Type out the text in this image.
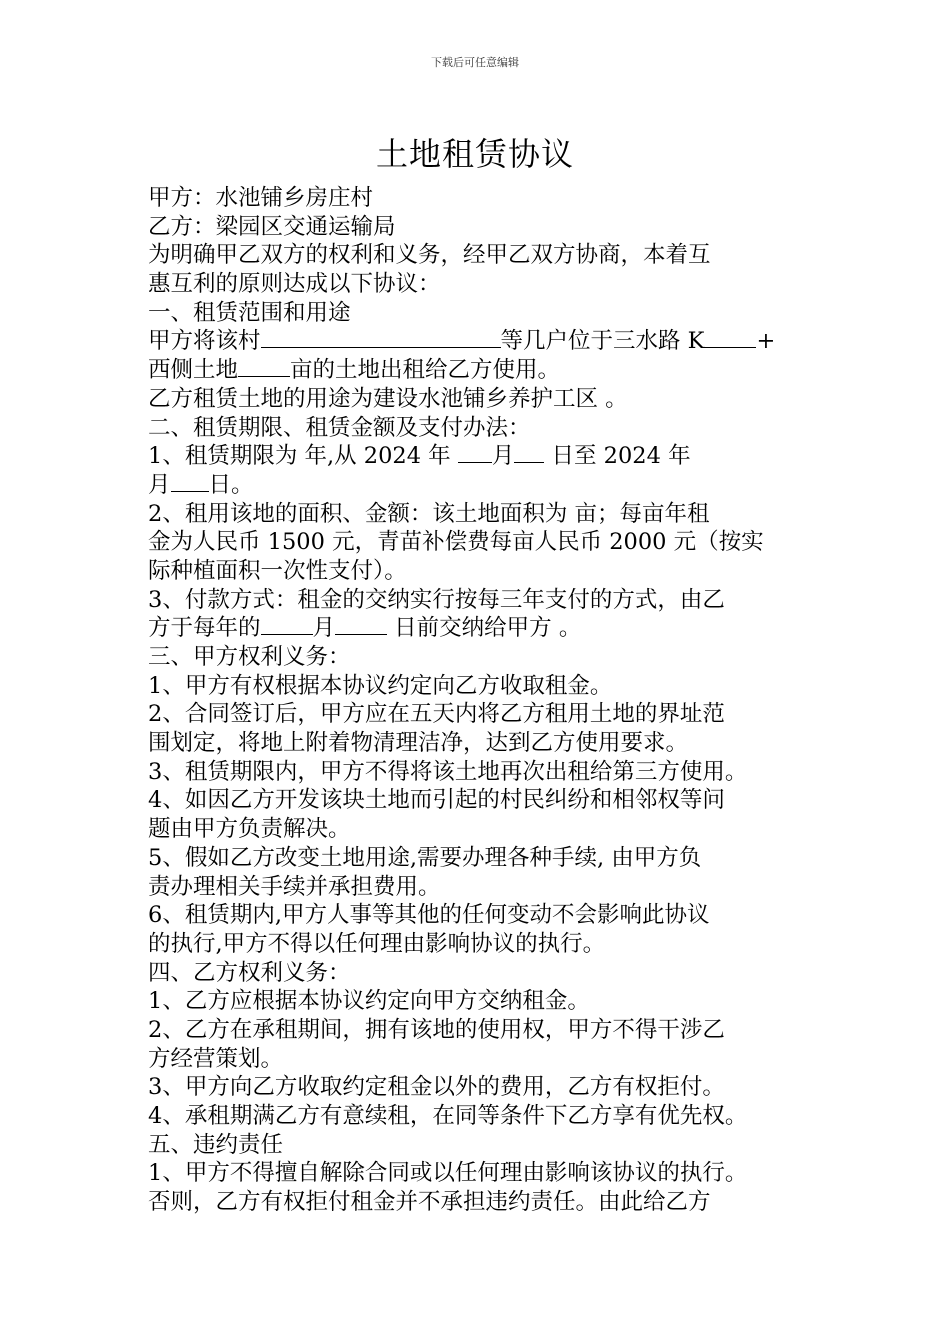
下载后可任意编辑
土地租赁协议
甲方：水池铺乡房庄村
乙方：梁园区交通运输局
为明确甲乙双方的权利和义务，经甲乙双方协商，本着互
惠互利的原则达成以下协议：
一、租赁范围和用途
甲方将该村	等几户位于三水路 K +
西侧土地 亩的土地出租给乙方使用。
乙方租赁土地的用途为建设水池铺乡养护工区 。
二、租赁期限、租赁金额及支付办法：
1、租赁期限为 年,从 2024 年 月 日至 2024 年
月 日。
2、租用该地的面积、金额：该土地面积为 亩；每亩年租
金为人民币 1500 元，青苗补偿费每亩人民币 2000 元（按实
际种植面积一次性支付）。
3、付款方式：租金的交纳实行按每三年支付的方式，由乙
方于每年的 月 日前交纳给甲方 。
三、甲方权利义务：
1、甲方有权根据本协议约定向乙方收取租金。
2、合同签订后，甲方应在五天内将乙方租用土地的界址范
围划定，将地上附着物清理洁净，达到乙方使用要求。
3、租赁期限内，甲方不得将该土地再次出租给第三方使用。
4、如因乙方开发该块土地而引起的村民纠纷和相邻权等问
题由甲方负责解决。
5、假如乙方改变土地用途,需要办理各种手续, 由甲方负
责办理相关手续并承担费用。
6、租赁期内,甲方人事等其他的任何变动不会影响此协议
的执行,甲方不得以任何理由影响协议的执行。
四、乙方权利义务：
1、乙方应根据本协议约定向甲方交纳租金。
2、乙方在承租期间，拥有该地的使用权，甲方不得干涉乙
方经营策划。
3、甲方向乙方收取约定租金以外的费用，乙方有权拒付。
4、承租期满乙方有意续租，在同等条件下乙方享有优先权。
五、违约责任
1、甲方不得擅自解除合同或以任何理由影响该协议的执行。
否则，乙方有权拒付租金并不承担违约责任。由此给乙方
